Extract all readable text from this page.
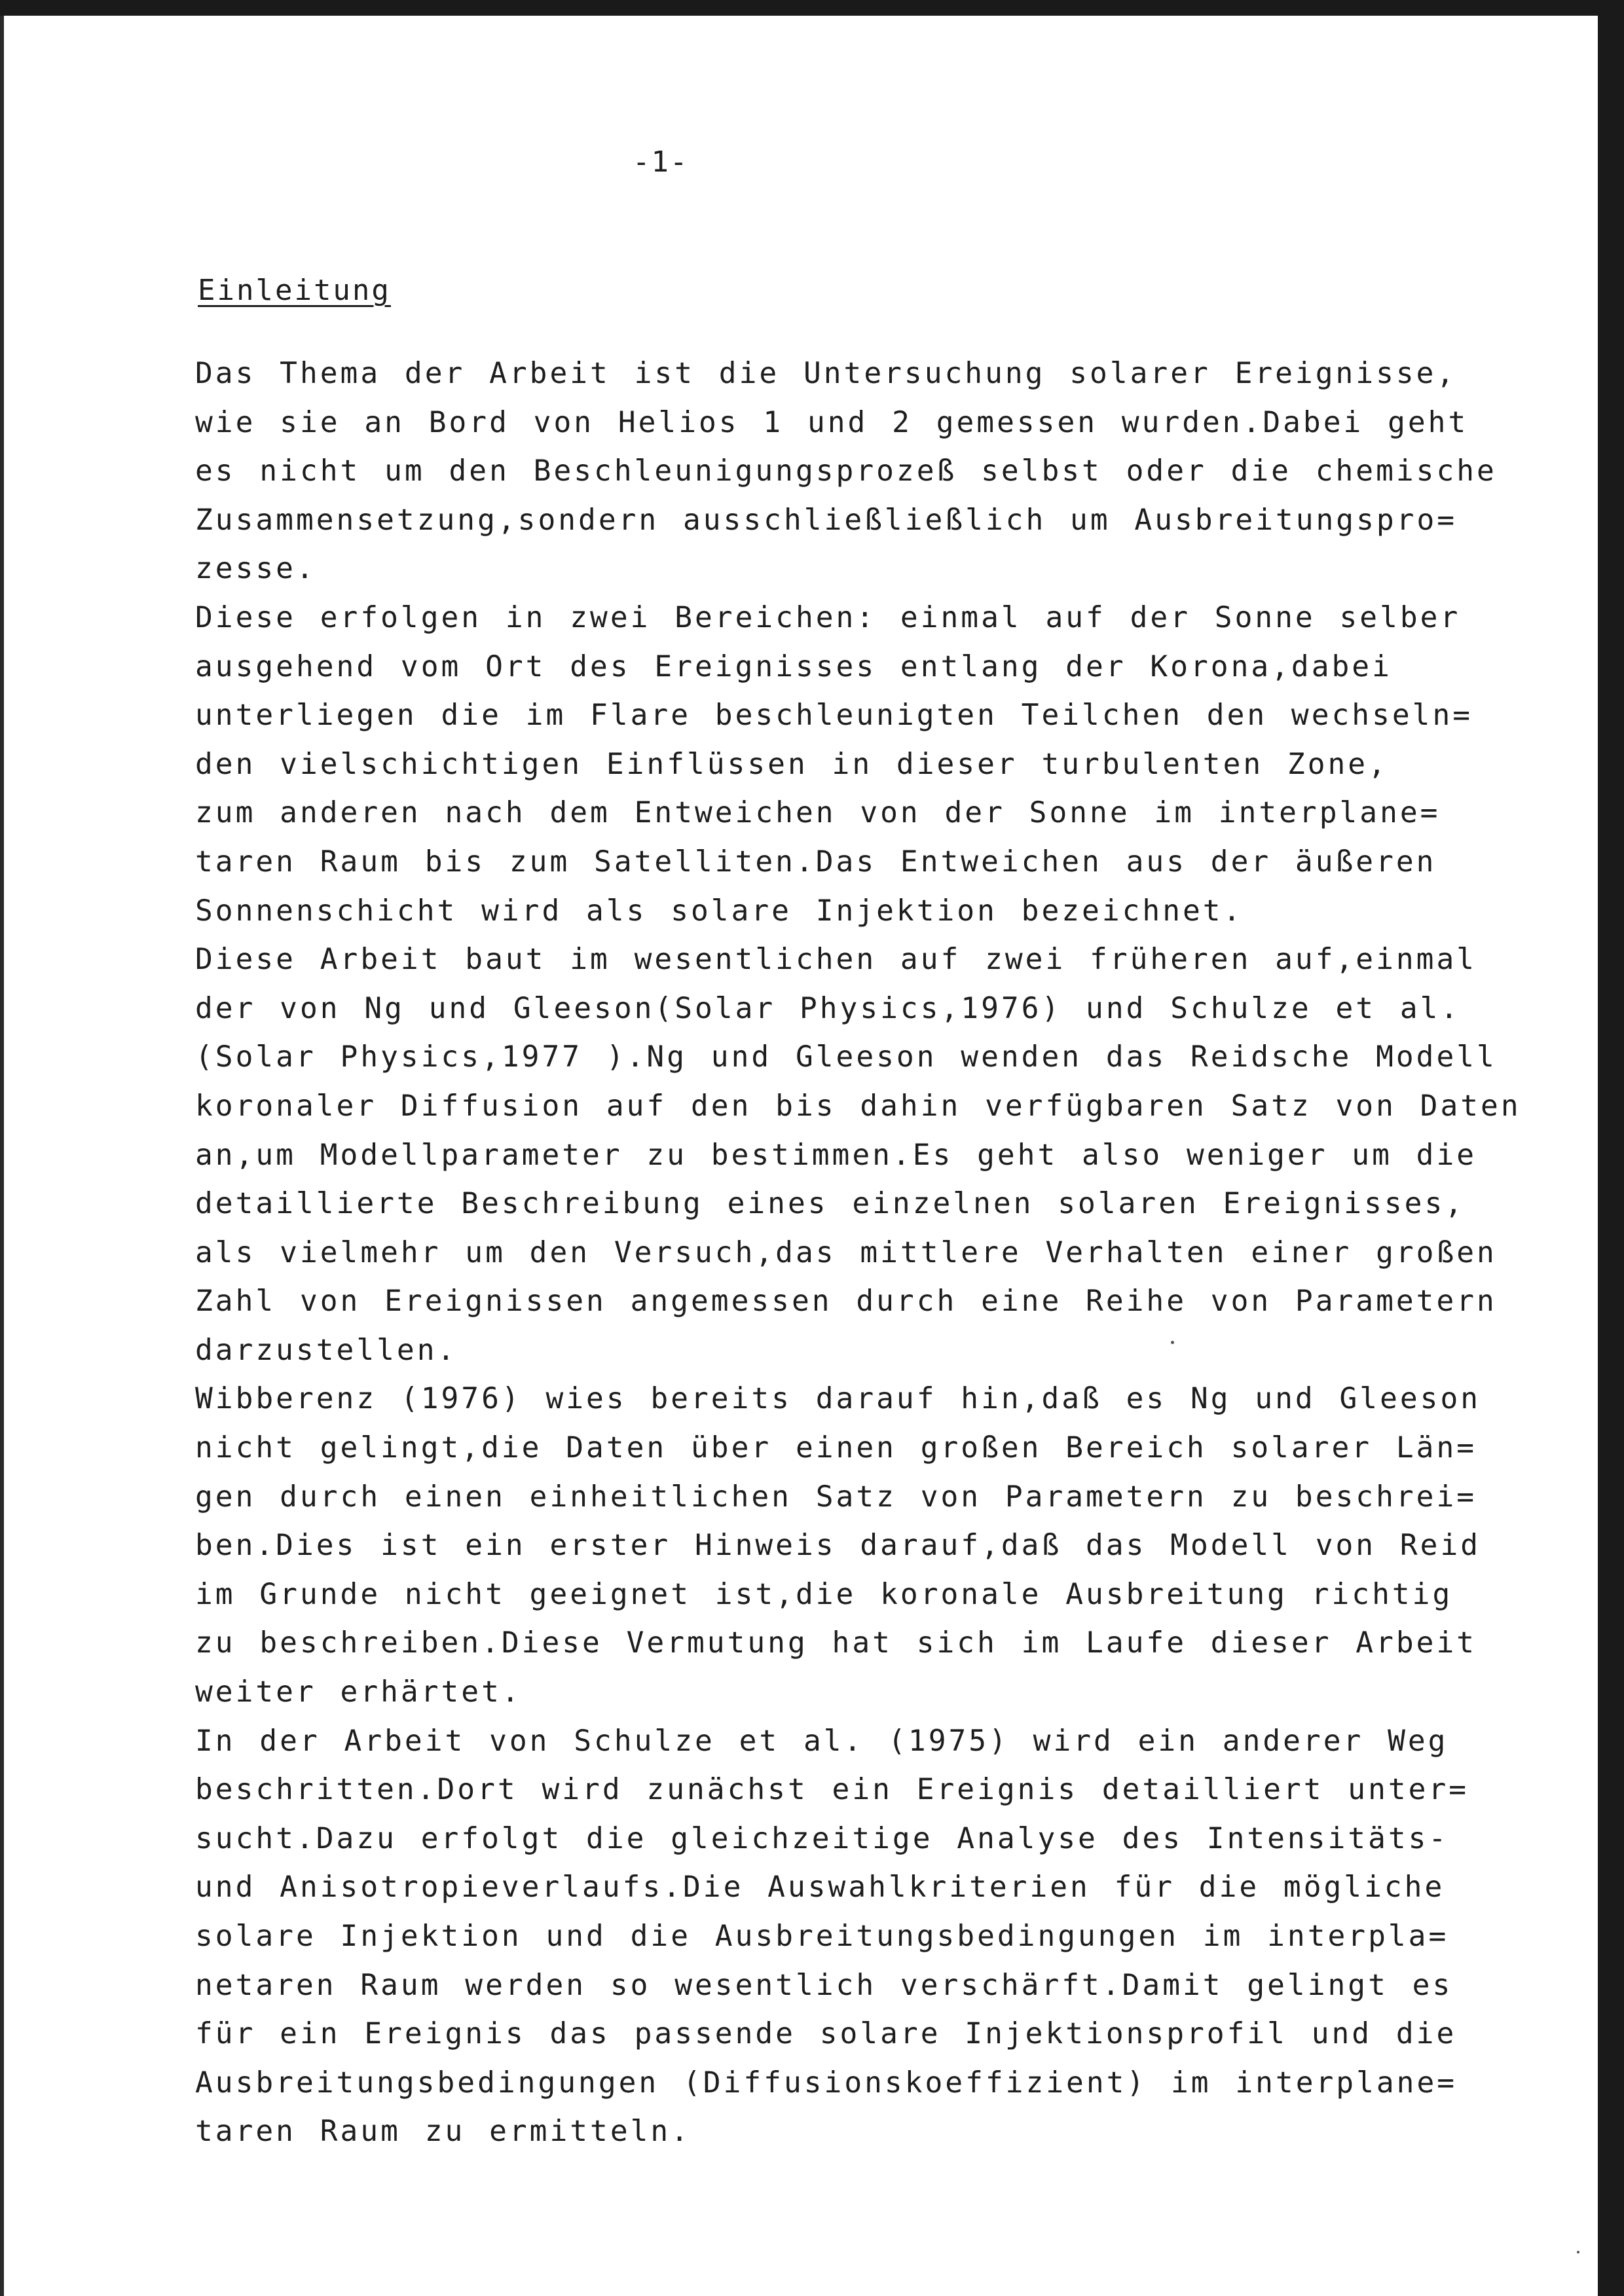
-1-

Einleitung
Das Thema der Arbeit ist die Untersuchung solarer Ereignisse,
wie sie an Bord von Helios 1 und 2 gemessen wurden.Dabei geht
es nicht um den Beschleunigungsprozeß selbst oder die chemische
Zusammensetzung,sondern ausschließließlich um Ausbreitungspro=
zesse.
Diese erfolgen in zwei Bereichen: einmal auf der Sonne selber
ausgehend vom Ort des Ereignisses entlang der Korona,dabei
unterliegen die im Flare beschleunigten Teilchen den wechseln=
den vielschichtigen Einflüssen in dieser turbulenten Zone,
zum anderen nach dem Entweichen von der Sonne im interplane=
taren Raum bis zum Satelliten.Das Entweichen aus der äußeren
Sonnenschicht wird als solare Injektion bezeichnet.
Diese Arbeit baut im wesentlichen auf zwei früheren auf,einmal
der von Ng und Gleeson(Solar Physics,1976) und Schulze et al.
(Solar Physics,1977 ).Ng und Gleeson wenden das Reidsche Modell
koronaler Diffusion auf den bis dahin verfügbaren Satz von Daten
an,um Modellparameter zu bestimmen.Es geht also weniger um die
detaillierte Beschreibung eines einzelnen solaren Ereignisses,
als vielmehr um den Versuch,das mittlere Verhalten einer großen
Zahl von Ereignissen angemessen durch eine Reihe von Parametern
darzustellen.
Wibberenz (1976) wies bereits darauf hin,daß es Ng und Gleeson
nicht gelingt,die Daten über einen großen Bereich solarer Län=
gen durch einen einheitlichen Satz von Parametern zu beschrei=
ben.Dies ist ein erster Hinweis darauf,daß das Modell von Reid
im Grunde nicht geeignet ist,die koronale Ausbreitung richtig
zu beschreiben.Diese Vermutung hat sich im Laufe dieser Arbeit
weiter erhärtet.
In der Arbeit von Schulze et al. (1975) wird ein anderer Weg
beschritten.Dort wird zunächst ein Ereignis detailliert unter=
sucht.Dazu erfolgt die gleichzeitige Analyse des Intensitäts-
und Anisotropieverlaufs.Die Auswahlkriterien für die mögliche
solare Injektion und die Ausbreitungsbedingungen im interpla=
netaren Raum werden so wesentlich verschärft.Damit gelingt es
für ein Ereignis das passende solare Injektionsprofil und die
Ausbreitungsbedingungen (Diffusionskoeffizient) im interplane=
taren Raum zu ermitteln.
